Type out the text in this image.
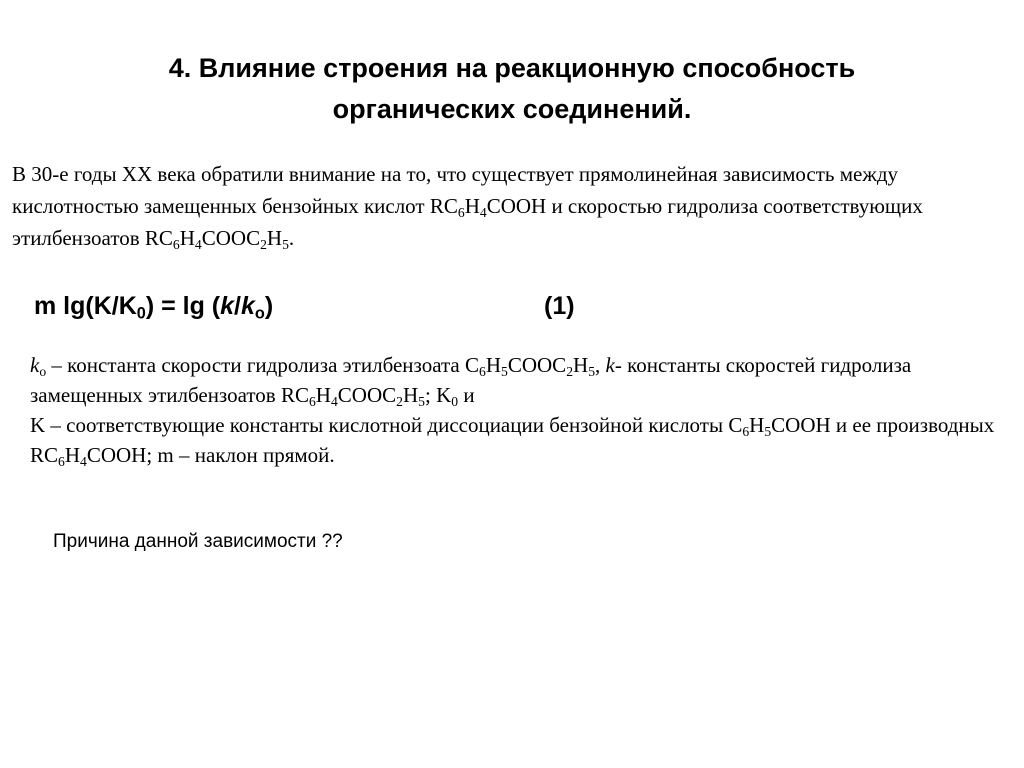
4. Влияние строения на реакционную способность
органических соединений.

В 30-е годы XX века обратили внимание на то, что существует прямолинейная зависимость между кислотностью замещенных бензойных кислот $RC_6H_4COOH$ и скоростью гидролиза соответствующих этилбензоатов $RC_6H_4COOC_2H_5$.

m $\lg(K/K_0) = \lg (k/k_o)$	(1)

$k_o$ – константа скорости гидролиза этилбензоата $C_6H_5COOC_2H_5$, k- константы скоростей гидролиза замещенных этилбензоатов $RC_6H_4COOC_2H_5$; $K_0$ и
K – соответствующие константы кислотной диссоциации бензойной кислоты $C_6H_5COOH$ и ее производных $RC_6H_4COOH$; m – наклон прямой.

Причина данной зависимости ??
